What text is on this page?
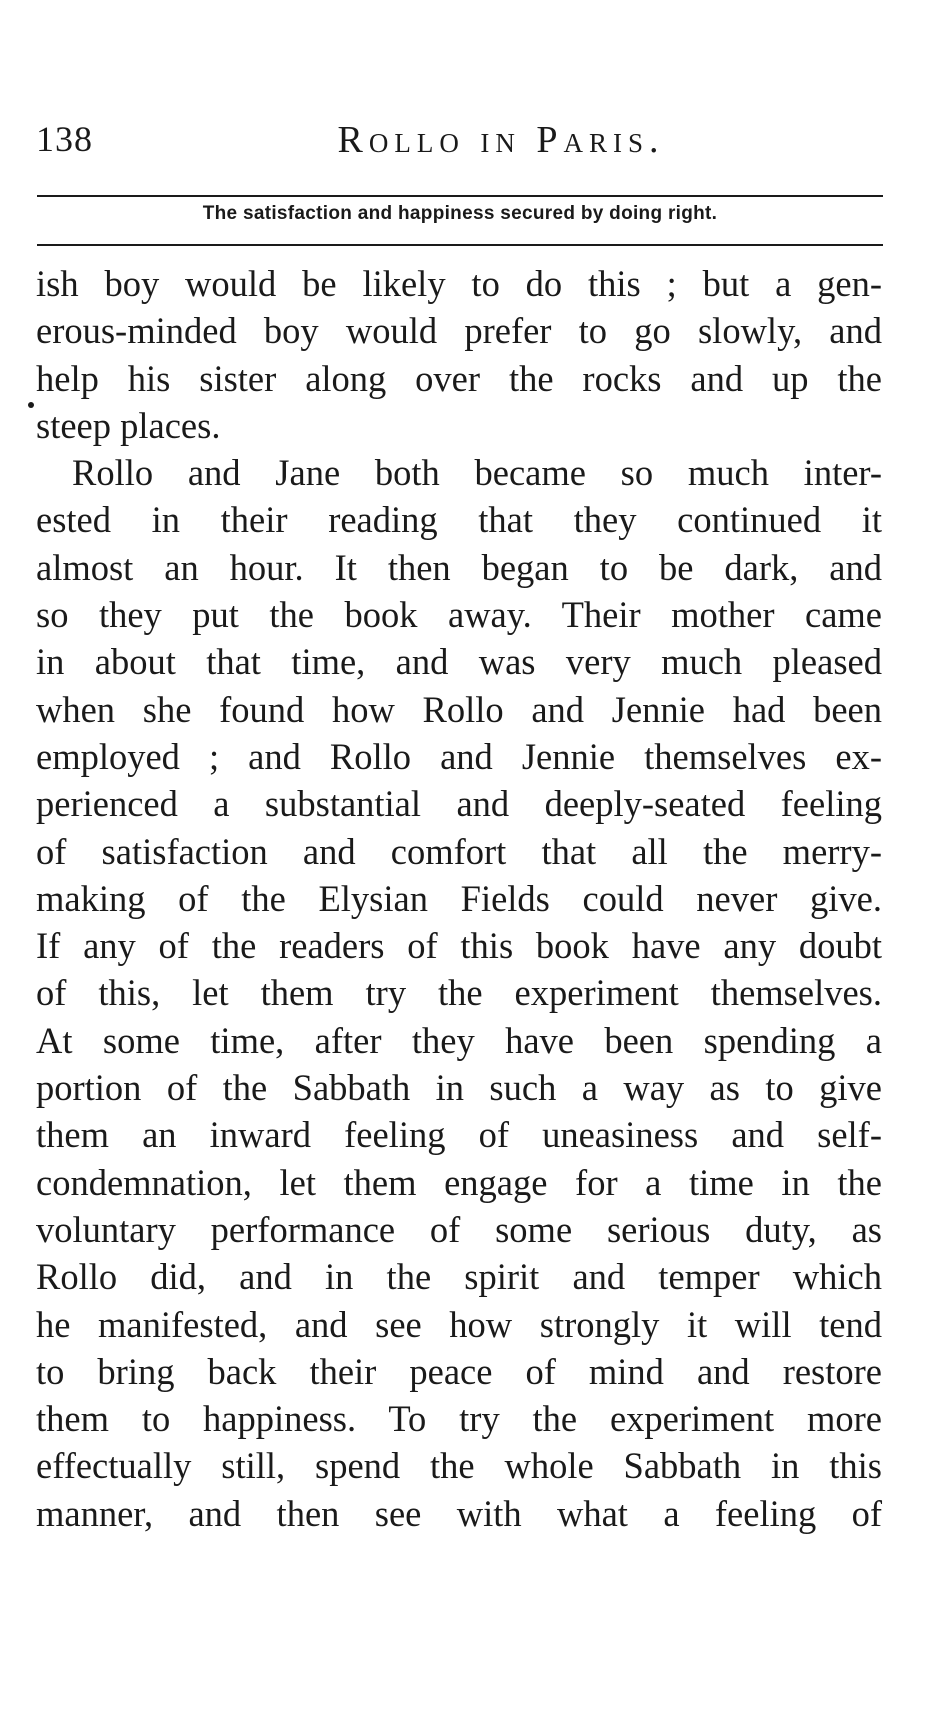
138	Rollo in Paris.
The satisfaction and happiness secured by doing right.
ish boy would be likely to do this ; but a gen-
erous-minded boy would prefer to go slowly, and
help his sister along over the rocks and up the
steep places.
Rollo and Jane both became so much inter-
ested in their reading that they continued it
almost an hour. It then began to be dark, and
so they put the book away. Their mother came
in about that time, and was very much pleased
when she found how Rollo and Jennie had been
employed ; and Rollo and Jennie themselves ex-
perienced a substantial and deeply-seated feeling
of satisfaction and comfort that all the merry-
making of the Elysian Fields could never give.
If any of the readers of this book have any doubt
of this, let them try the experiment themselves.
At some time, after they have been spending a
portion of the Sabbath in such a way as to give
them an inward feeling of uneasiness and self-
condemnation, let them engage for a time in the
voluntary performance of some serious duty, as
Rollo did, and in the spirit and temper which
he manifested, and see how strongly it will tend
to bring back their peace of mind and restore
them to happiness. To try the experiment more
effectually still, spend the whole Sabbath in this
manner, and then see with what a feeling of
